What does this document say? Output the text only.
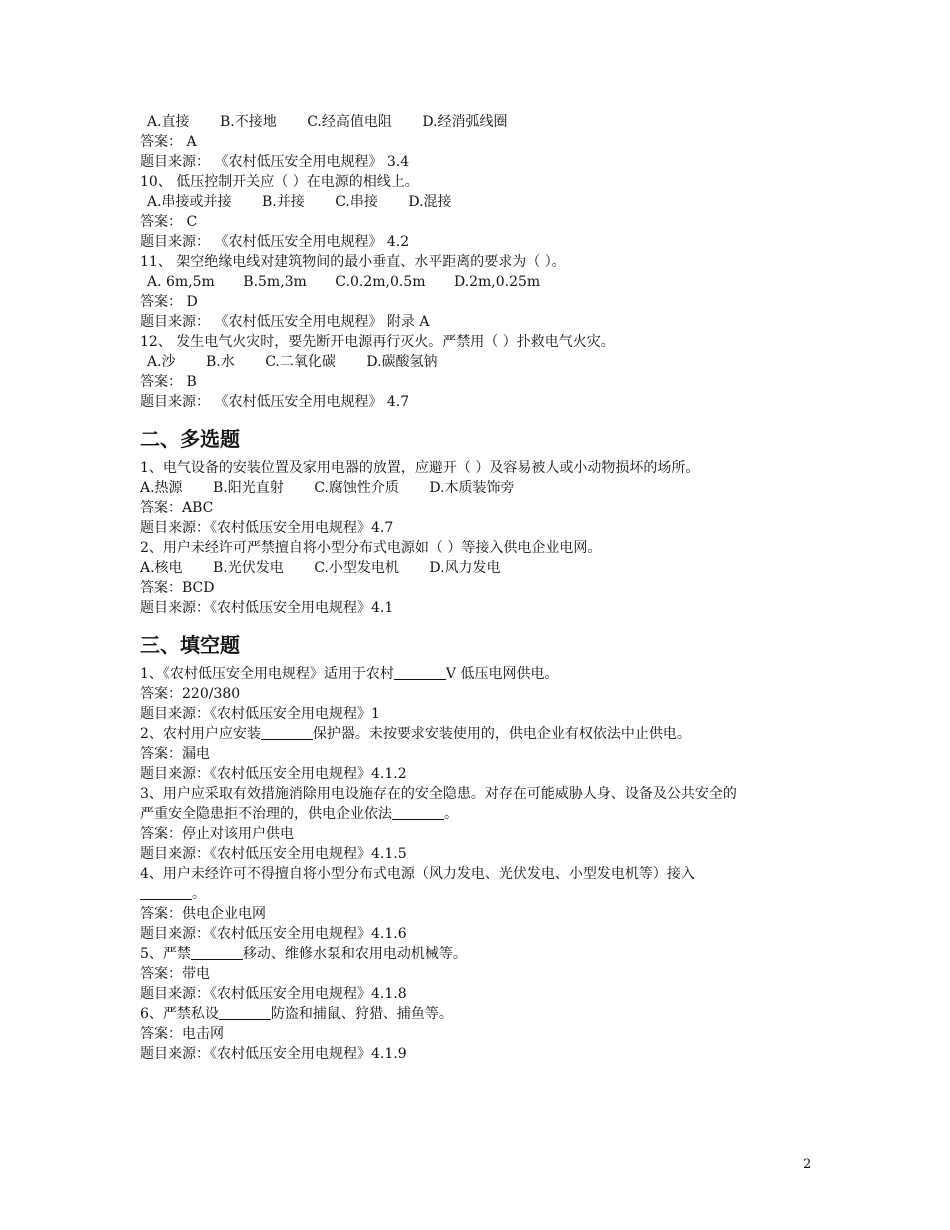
A.直接 B.不接地 C.经高值电阻 D.经消弧线圈
答案： A
题目来源： 《农村低压安全用电规程》 3.4
10、 低压控制开关应（ ）在电源的相线上。
A.串接或并接 B.并接 C.串接 D.混接
答案： C
题目来源： 《农村低压安全用电规程》 4.2
11、 架空绝缘电线对建筑物间的最小垂直、水平距离的要求为（ ）。
A. 6m,5m B.5m,3m C.0.2m,0.5m D.2m,0.25m
答案： D
题目来源： 《农村低压安全用电规程》 附录 A
12、 发生电气火灾时，要先断开电源再行灭火。严禁用（ ）扑救电气火灾。
A.沙 B.水 C.二氧化碳 D.碳酸氢钠
答案： B
题目来源： 《农村低压安全用电规程》 4.7
二、多选题
1、电气设备的安装位置及家用电器的放置，应避开（ ）及容易被人或小动物损坏的场所。
A.热源 B.阳光直射 C.腐蚀性介质 D.木质装饰旁
答案：ABC
题目来源：《农村低压安全用电规程》4.7
2、用户未经许可严禁擅自将小型分布式电源如（ ）等接入供电企业电网。
A.核电 B.光伏发电 C.小型发电机 D.风力发电
答案：BCD
题目来源：《农村低压安全用电规程》4.1
三、填空题
1、《农村低压安全用电规程》适用于农村	V 低压电网供电。
答案：220/380
题目来源：《农村低压安全用电规程》1
2、农村用户应安装	保护器。未按要求安装使用的，供电企业有权依法中止供电。
答案：漏电
题目来源：《农村低压安全用电规程》4.1.2
3、用户应采取有效措施消除用电设施存在的安全隐患。对存在可能威胁人身、设备及公共安全的
严重安全隐患拒不治理的，供电企业依法	。
答案：停止对该用户供电
题目来源：《农村低压安全用电规程》4.1.5
4、用户未经许可不得擅自将小型分布式电源（风力发电、光伏发电、小型发电机等）接入
。
答案：供电企业电网
题目来源：《农村低压安全用电规程》4.1.6
5、严禁	移动、维修水泵和农用电动机械等。
答案：带电
题目来源：《农村低压安全用电规程》4.1.8
6、严禁私设	防盗和捕鼠、狩猎、捕鱼等。
答案：电击网
题目来源：《农村低压安全用电规程》4.1.9
2
